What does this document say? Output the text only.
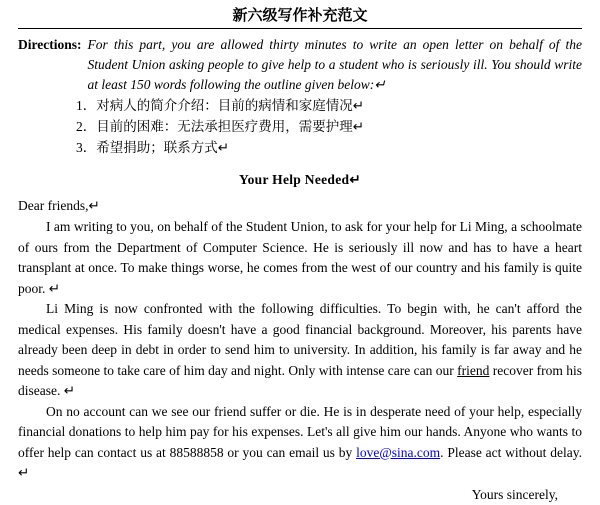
新六级写作补充范文
Directions: For this part, you are allowed thirty minutes to write an open letter on behalf of the Student Union asking people to give help to a student who is seriously ill. You should write at least 150 words following the outline given below:↵
1．对病人的简介介绍：目前的病情和家庭情况↵
2．目前的困难：无法承担医疗费用，需要护理↵
3．希望捐助；联系方式↵
Your Help Needed↵
Dear friends,↵

I am writing to you, on behalf of the Student Union, to ask for your help for Li Ming, a schoolmate of ours from the Department of Computer Science. He is seriously ill now and has to have a heart transplant at once. To make things worse, he comes from the west of our country and his family is quite poor. ↵

Li Ming is now confronted with the following difficulties. To begin with, he can't afford the medical expenses. His family doesn't have a good financial background. Moreover, his parents have already been deep in debt in order to send him to university. In addition, his family is far away and he needs someone to take care of him day and night. Only with intense care can our friend recover from his disease. ↵

On no account can we see our friend suffer or die. He is in desperate need of your help, especially financial donations to help him pay for his expenses. Let's all give him our hands. Anyone who wants to offer help can contact us at 88588858 or you can email us by love@sina.com. Please act without delay. ↵

Yours sincerely,
